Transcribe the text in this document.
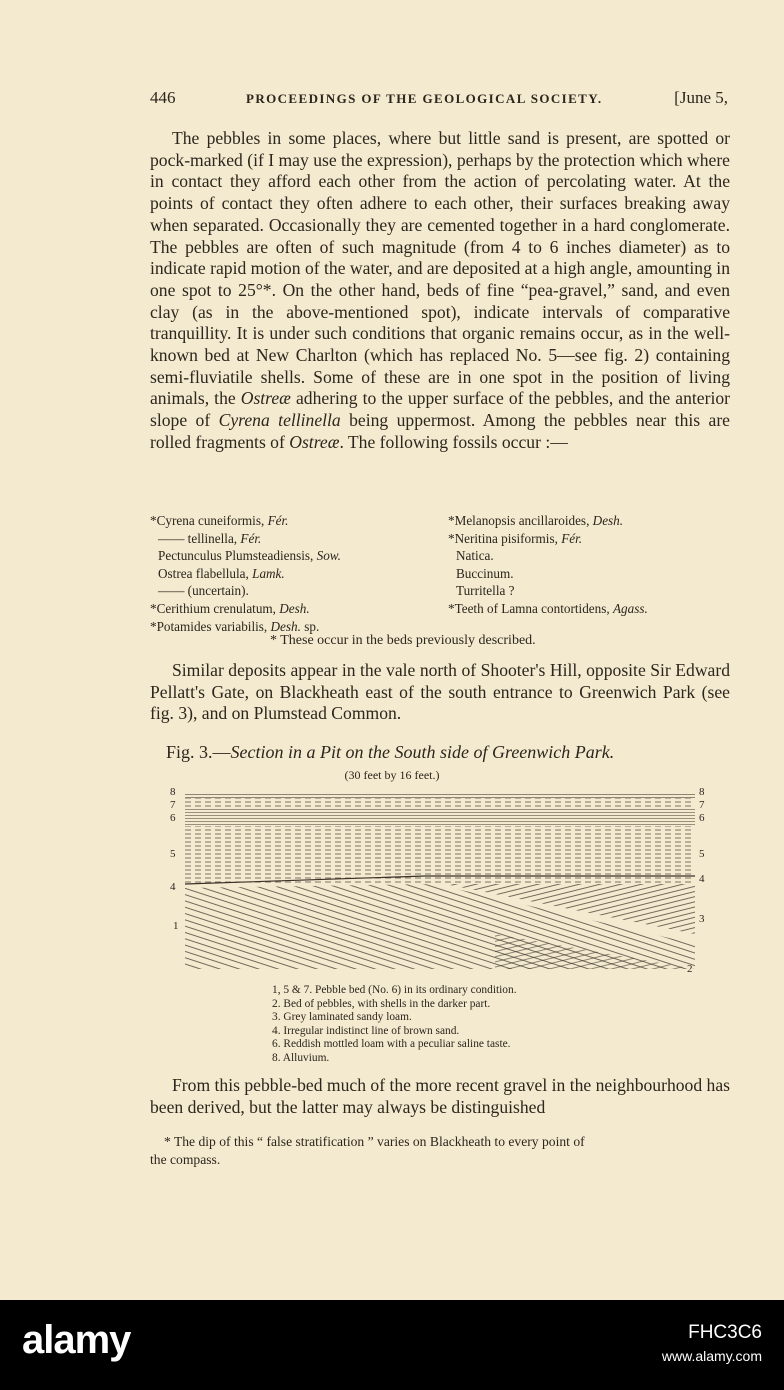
446	PROCEEDINGS OF THE GEOLOGICAL SOCIETY.	[June 5,

The pebbles in some places, where but little sand is present, are spotted or pock-marked (if I may use the expression), perhaps by the protection which where in contact they afford each other from the action of percolating water. At the points of contact they often adhere to each other, their surfaces breaking away when separated. Occasionally they are cemented together in a hard conglomerate. The pebbles are often of such magnitude (from 4 to 6 inches diameter) as to indicate rapid motion of the water, and are deposited at a high angle, amounting in one spot to 25°*. On the other hand, beds of fine “pea-gravel,” sand, and even clay (as in the above-mentioned spot), indicate intervals of comparative tranquillity. It is under such conditions that organic remains occur, as in the well-known bed at New Charlton (which has replaced No. 5—see fig. 2) containing semi-fluviatile shells. Some of these are in one spot in the position of living animals, the Ostreæ adhering to the upper surface of the pebbles, and the anterior slope of Cyrena tellinella being uppermost. Among the pebbles near this are rolled fragments of Ostreæ. The following fossils occur :—

*Cyrena cuneiformis, Fér.
—— tellinella, Fér.
Pectunculus Plumsteadiensis, Sow.
Ostrea flabellula, Lamk.
—— (uncertain).
*Cerithium crenulatum, Desh.
*Potamides variabilis, Desh. sp.
*Melanopsis ancillaroides, Desh.
*Neritina pisiformis, Fér.
Natica.
Buccinum.
Turritella ?
*Teeth of Lamna contortidens, Agass.
* These occur in the beds previously described.

Similar deposits appear in the vale north of Shooter's Hill, opposite Sir Edward Pellatt's Gate, on Blackheath east of the south entrance to Greenwich Park (see fig. 3), and on Plumstead Common.

Fig. 3.—Section in a Pit on the South side of Greenwich Park.
(30 feet by 16 feet.)
8
7
6
5
4
1
8
7
6
5
4
3
2
1, 5 & 7. Pebble bed (No. 6) in its ordinary condition.
2. Bed of pebbles, with shells in the darker part.
3. Grey laminated sandy loam.
4. Irregular indistinct line of brown sand.
6. Reddish mottled loam with a peculiar saline taste.
8. Alluvium.

From this pebble-bed much of the more recent gravel in the neighbourhood has been derived, but the latter may always be distinguished

* The dip of this “ false stratification ” varies on Blackheath to every point of
the compass.
alamy	FHC3C6
www.alamy.com
